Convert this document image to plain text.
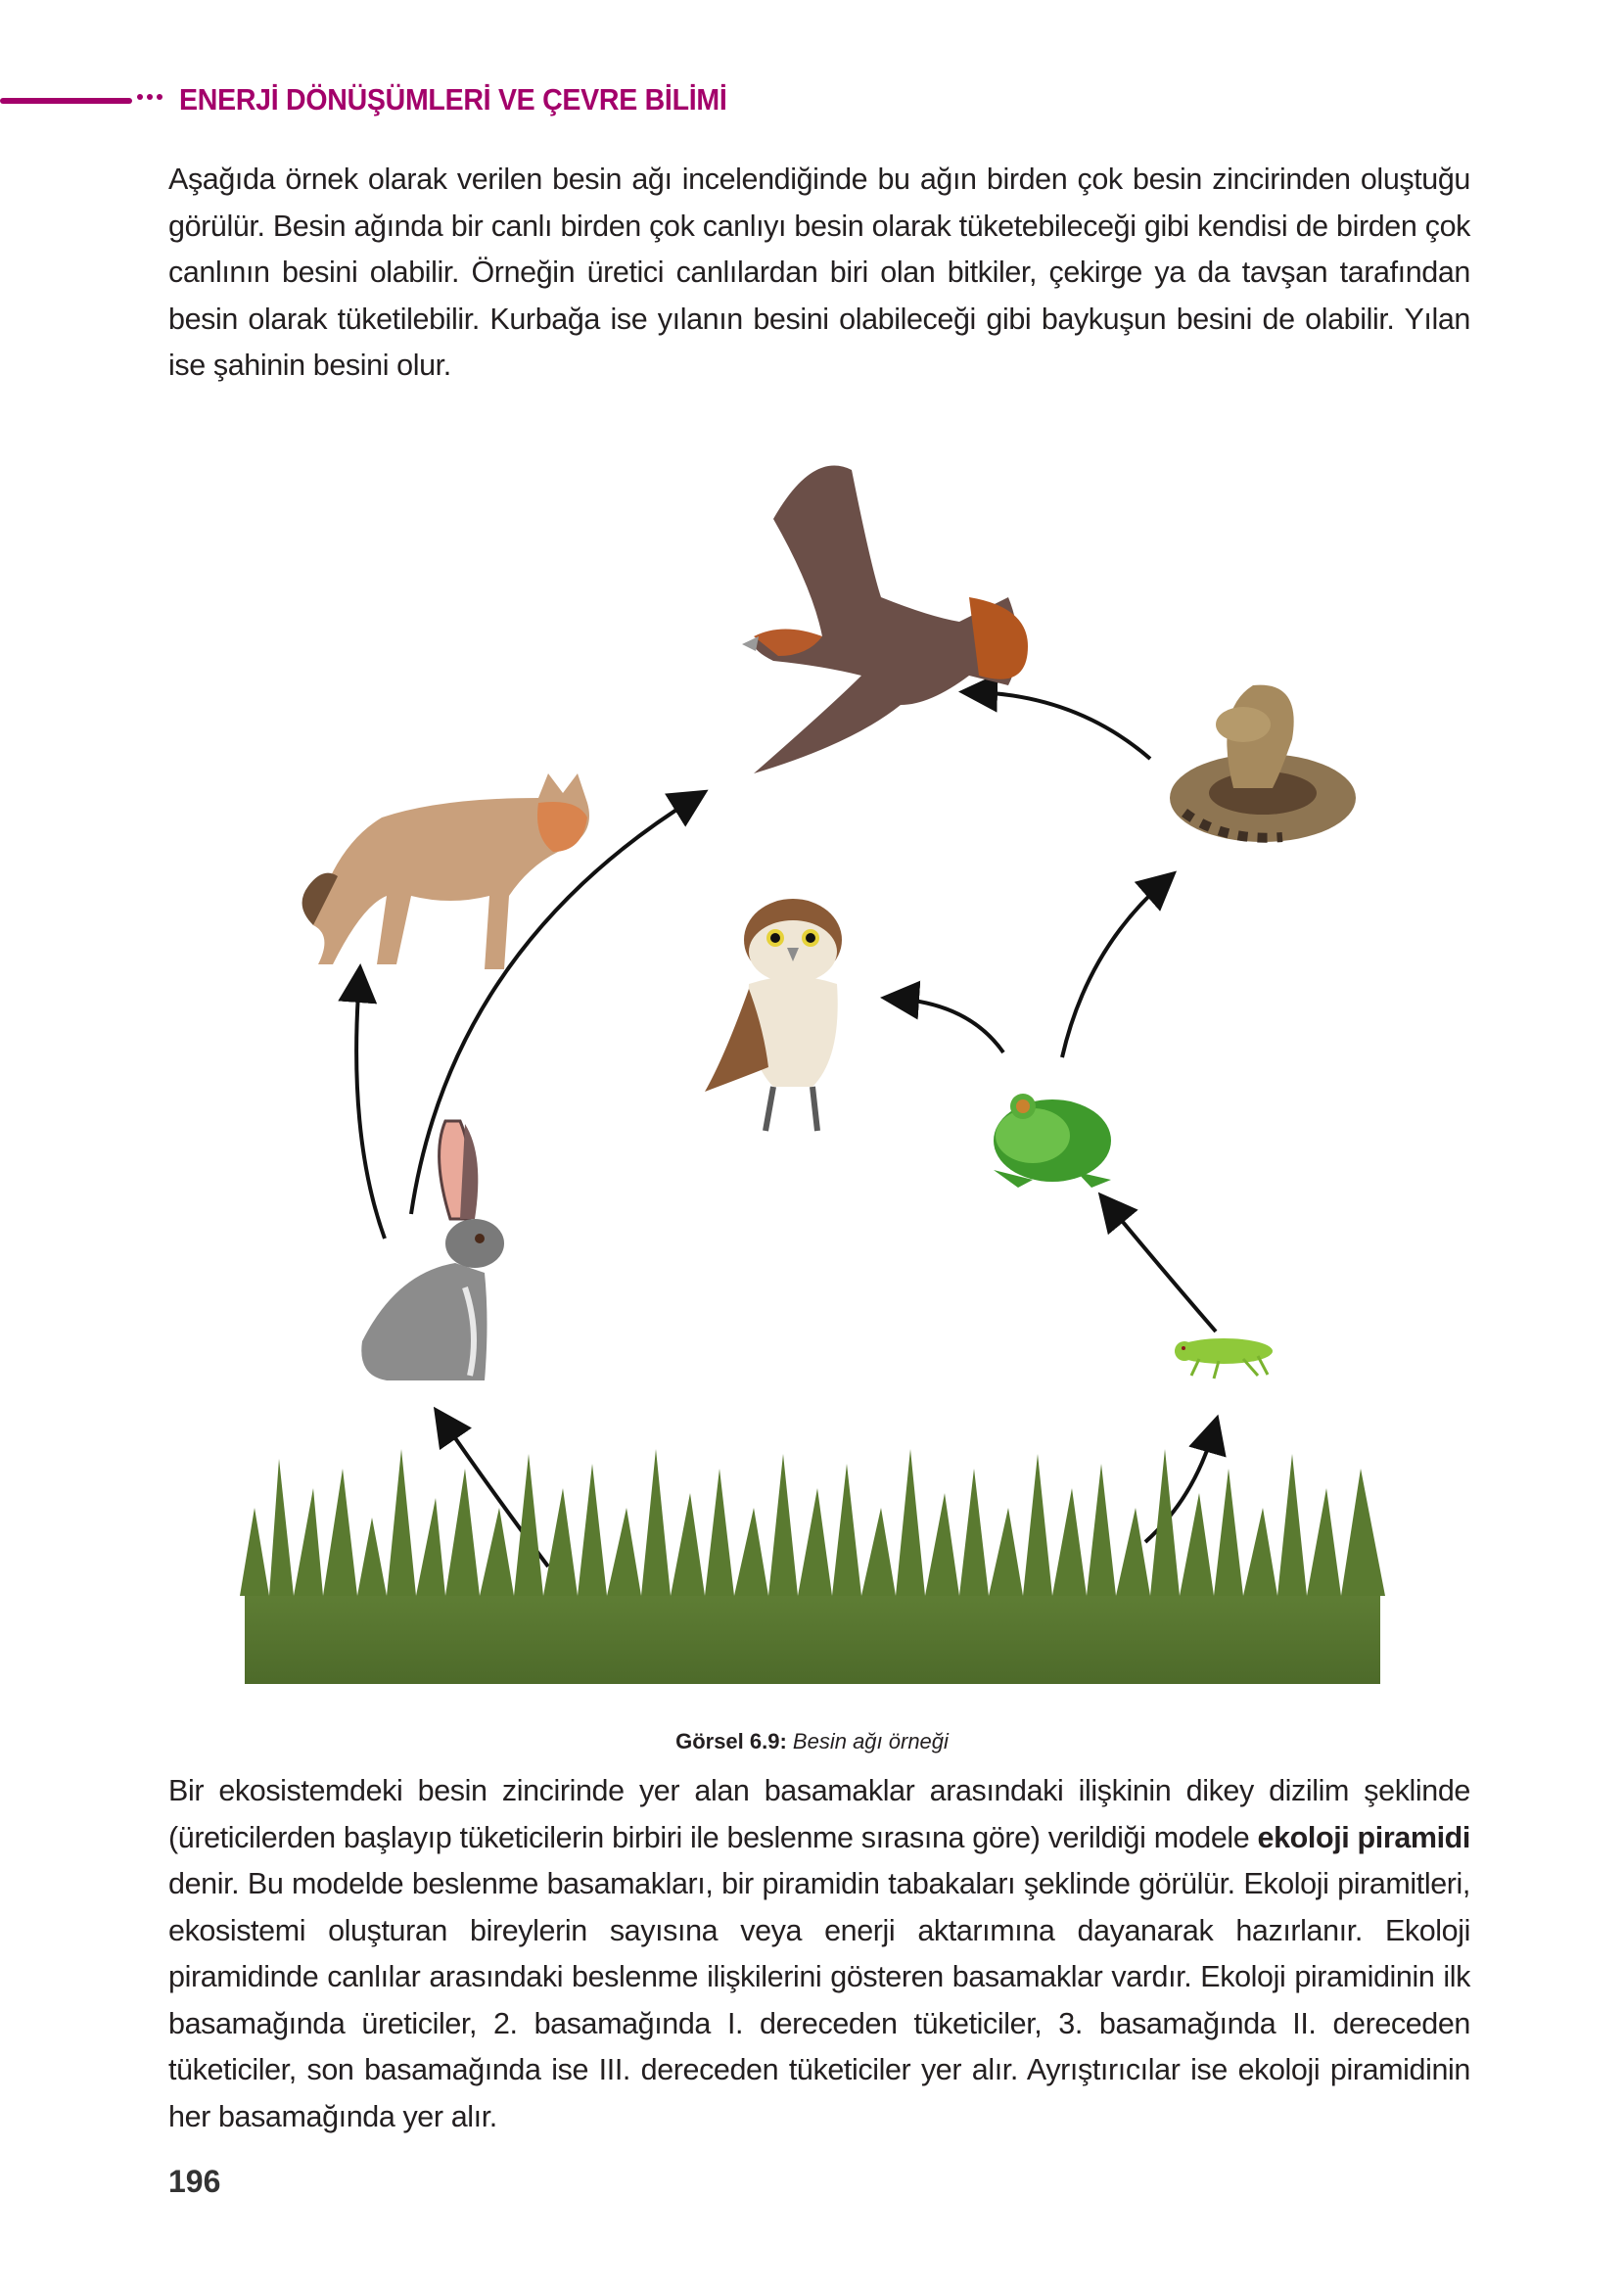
ENERJİ DÖNÜŞÜMLERİ VE ÇEVRE BİLİMİ
Aşağıda örnek olarak verilen besin ağı incelendiğinde bu ağın birden çok besin zincirinden oluştuğu görülür. Besin ağında bir canlı birden çok canlıyı besin olarak tüketebileceği gibi kendisi de birden çok canlının besini olabilir. Örneğin üretici canlılardan biri olan bitkiler, çekirge ya da tavşan tarafından besin olarak tüketilebilir. Kurbağa ise yılanın besini olabileceği gibi baykuşun besini de olabilir. Yılan ise şahinin besini olur.
Görsel 6.9: Besin ağı örneği
Bir ekosistemdeki besin zincirinde yer alan basamaklar arasındaki ilişkinin dikey dizilim şeklinde (üreticilerden başlayıp tüketicilerin birbiri ile beslenme sırasına göre) verildiği modele ekoloji piramidi denir. Bu modelde beslenme basamakları, bir piramidin tabakaları şeklinde görülür. Ekoloji piramitleri, ekosistemi oluşturan bireylerin sayısına veya enerji aktarımına dayanarak hazırlanır. Ekoloji piramidinde canlılar arasındaki beslenme ilişkilerini gösteren basamaklar vardır. Ekoloji piramidinin ilk basamağında üreticiler, 2. basamağında I. dereceden tüketiciler, 3. basamağında II. dereceden tüketiciler, son basamağında ise III. dereceden tüketiciler yer alır. Ayrıştırıcılar ise ekoloji piramidinin her basamağında yer alır.
196
